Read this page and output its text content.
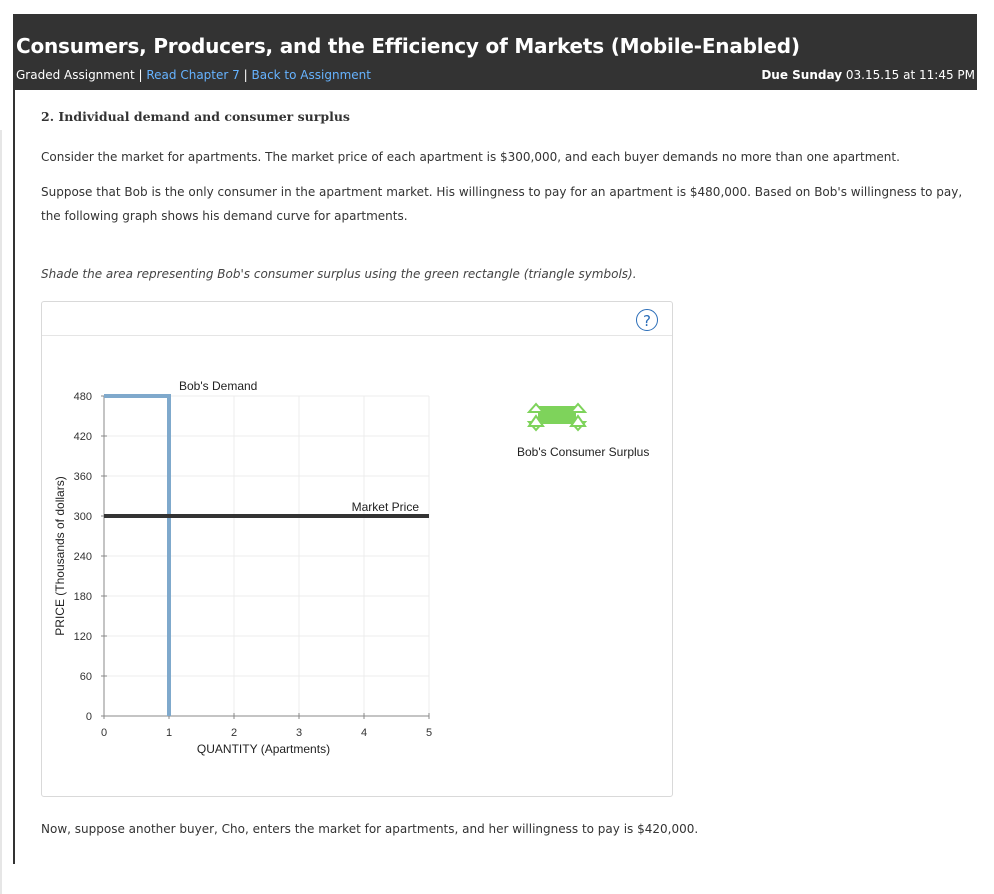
Consumers, Producers, and the Efficiency of Markets (Mobile-Enabled)
Graded Assignment | Read Chapter 7 | Back to Assignment	Due Sunday 03.15.15 at 11:45 PM
2. Individual demand and consumer surplus
Consider the market for apartments. The market price of each apartment is $300,000, and each buyer demands no more than one apartment.
Suppose that Bob is the only consumer in the apartment market. His willingness to pay for an apartment is $480,000. Based on Bob's willingness to pay,
the following graph shows his demand curve for apartments.
Shade the area representing Bob's consumer surplus using the green rectangle (triangle symbols).
?
0	1	2	3	4	5
0
60
120
180
240
300
360
420
480
QUANTITY (Apartments)
PRICE (Thousands of dollars)
Bob's Demand
Market Price
Bob's Consumer Surplus
Now, suppose another buyer, Cho, enters the market for apartments, and her willingness to pay is $420,000.
